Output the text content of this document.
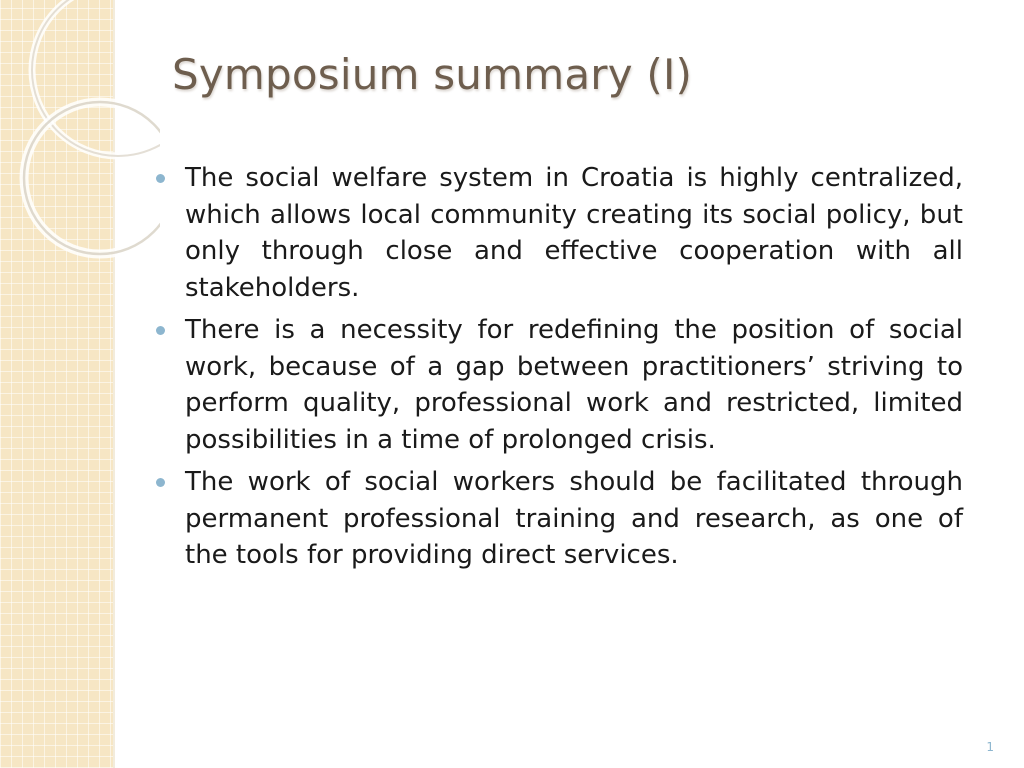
Symposium summary (I)
The social welfare system in Croatia is highly centralized, which allows local community creating its social policy, but only through close and effective cooperation with all stakeholders.
There is a necessity for redefining the position of social work, because of a gap between practitioners’ striving to perform quality, professional work and restricted, limited possibilities in a time of prolonged crisis.
The work of social workers should be facilitated through permanent professional training and research, as one of the tools for providing direct services.
1
